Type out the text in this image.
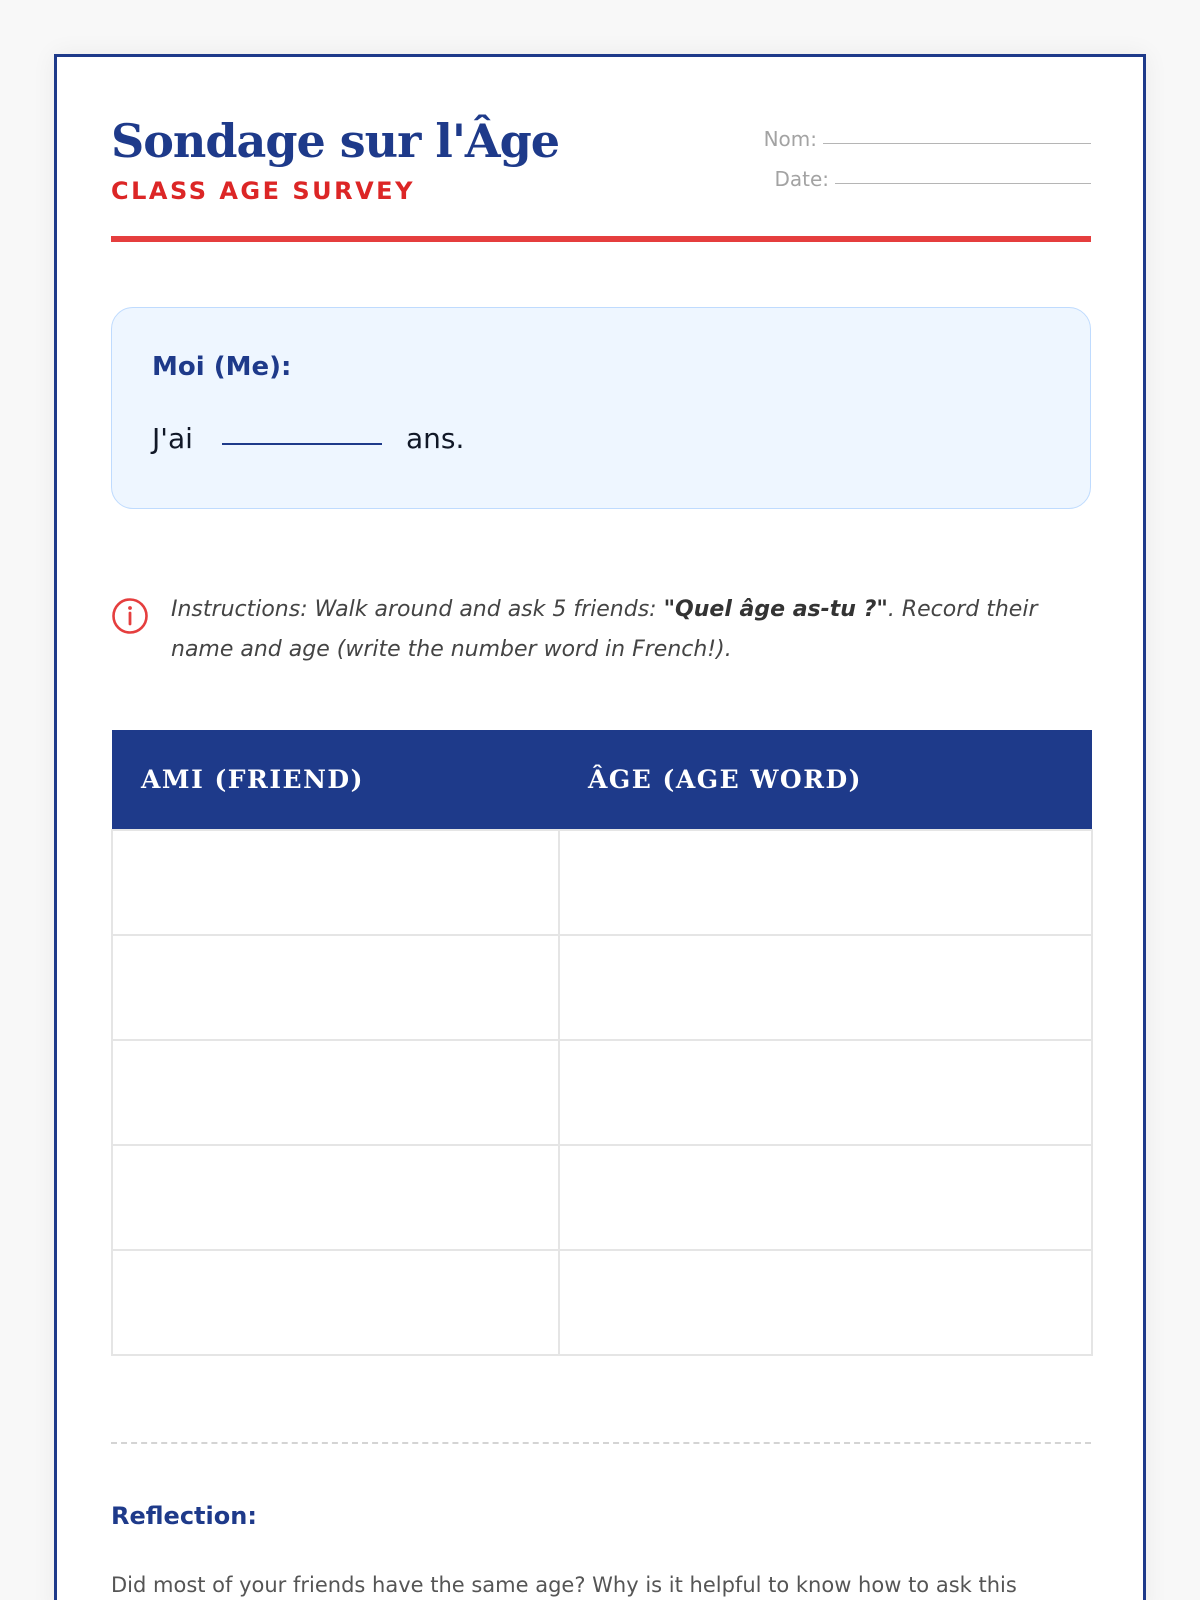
Sondage sur l'Âge
CLASS AGE SURVEY
Nom:
Date:
Moi (Me):
J'ai	ans.

Instructions: Walk around and ask 5 friends: "Quel âge as-tu ?". Record their name and age (write the number word in French!).

AMI (FRIEND)	ÂGE (AGE WORD)

Reflection:

Did most of your friends have the same age? Why is it helpful to know how to ask this
